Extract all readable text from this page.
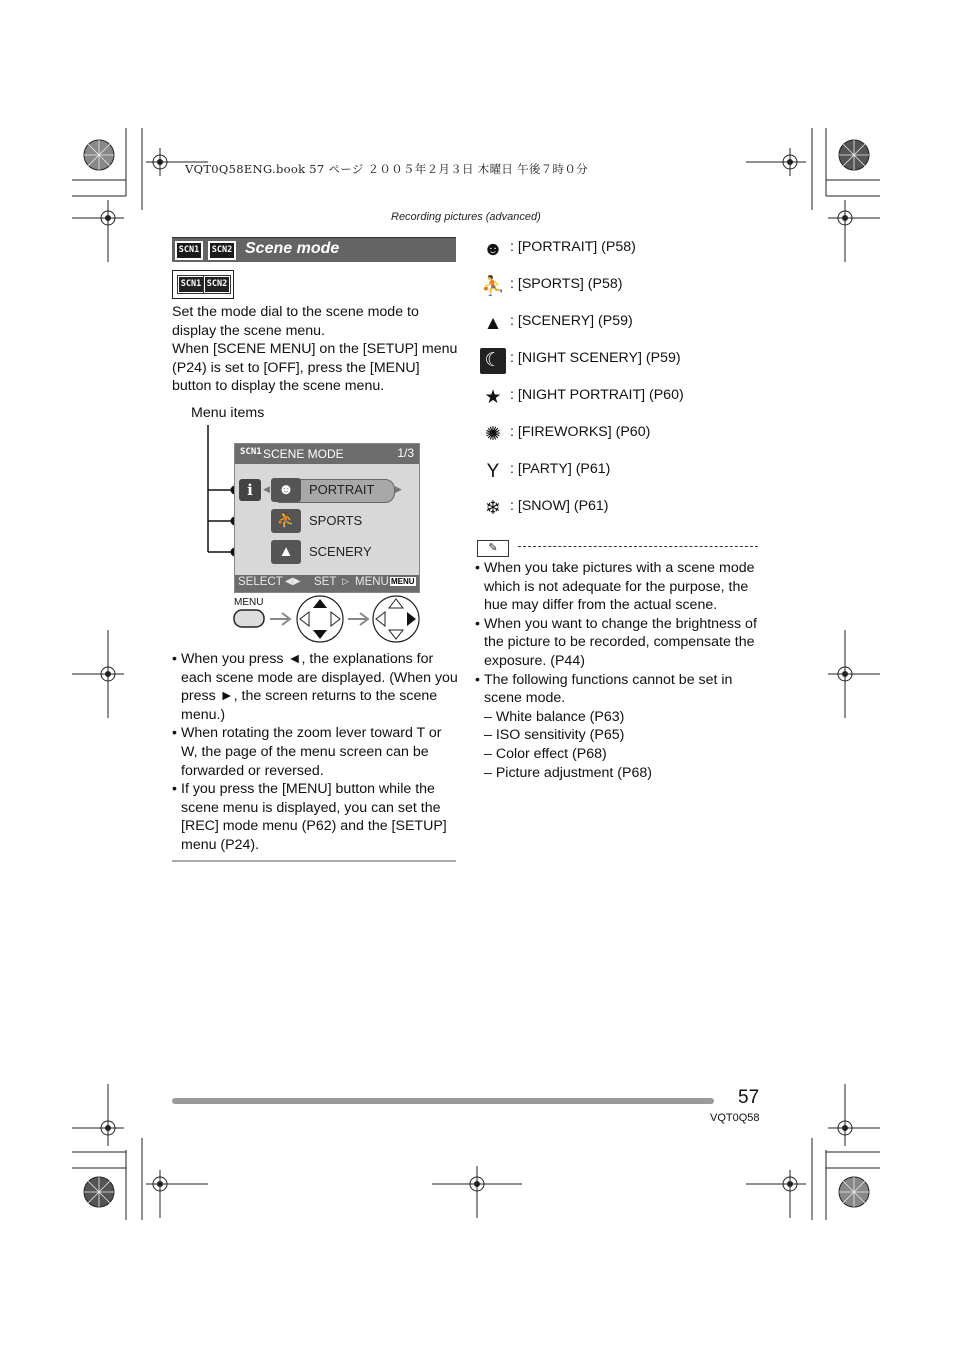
VQT0Q58ENG.book 57 ページ ２００５年２月３日 木曜日 午後７時０分
Recording pictures (advanced)
SCN1 SCN2 Scene mode
SCN1 SCN2
Set the mode dial to the scene mode to display the scene menu.
When [SCENE MENU] on the [SETUP] menu (P24) is set to [OFF], press the [MENU] button to display the scene menu.
Menu items
SCN1 SCENE MODE	1/3
i	◀	▶
☻	PORTRAIT
⛹	SPORTS
▲	SCENERY
SELECT ◀▶ SET ▷ MENU MENU
MENU
• When you press ◄, the explanations for each scene mode are displayed. (When you press ►, the screen returns to the scene menu.)
• When rotating the zoom lever toward T or W, the page of the menu screen can be forwarded or reversed.
• If you press the [MENU] button while the scene menu is displayed, you can set the [REC] mode menu (P62) and the [SETUP] menu (P24).
☻ : [PORTRAIT] (P58)
⛹ : [SPORTS] (P58)
▲ : [SCENERY] (P59)
☾ : [NIGHT SCENERY] (P59)
★ : [NIGHT PORTRAIT] (P60)
✺ : [FIREWORKS] (P60)
Y : [PARTY] (P61)
❄ : [SNOW] (P61)
✎
• When you take pictures with a scene mode which is not adequate for the purpose, the hue may differ from the actual scene.
• When you want to change the brightness of the picture to be recorded, compensate the exposure. (P44)
• The following functions cannot be set in scene mode.
– White balance (P63)
– ISO sensitivity (P65)
– Color effect (P68)
– Picture adjustment (P68)
57
VQT0Q58
